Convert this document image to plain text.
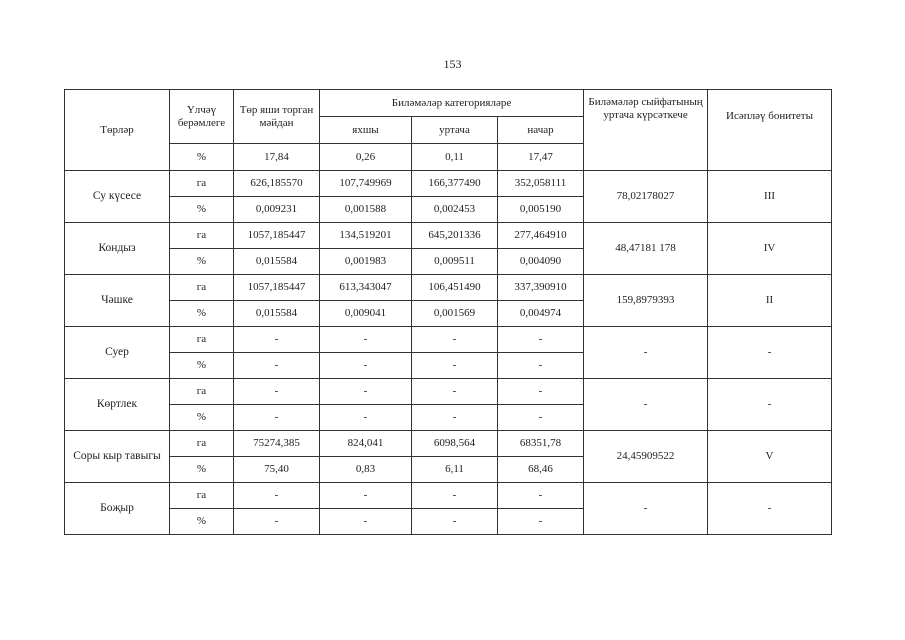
153
Төрләр	Үлчәү берәмлеге	Төр яши торган мәйдан	Биләмәләр категорияләре			Биләмәләр сыйфатының уртача күрсәткече	Исәпләү бонитеты
			яхшы	уртача	начар		
	%	17,84	0,26	0,11	17,47		
Су күсесе	га	626,185570	107,749969	166,377490	352,058111	78,02178027	III
	%	0,009231	0,001588	0,002453	0,005190		
Кондыз	га	1057,185447	134,519201	645,201336	277,464910	48,47181 178	IV
	%	0,015584	0,001983	0,009511	0,004090		
Чәшке	га	1057,185447	613,343047	106,451490	337,390910	159,8979393	II
	%	0,015584	0,009041	0,001569	0,004974		
Суер	га	-	-	-	-	-	-
	%	-	-	-	-		
Көртлек	га	-	-	-	-	-	-
	%	-	-	-	-		
Соры кыр тавыгы	га	75274,385	824,041	6098,564	68351,78	24,45909522	V
	%	75,40	0,83	6,11	68,46		
Боҗыр	га	-	-	-	-	-	-
	%	-	-	-	-		
